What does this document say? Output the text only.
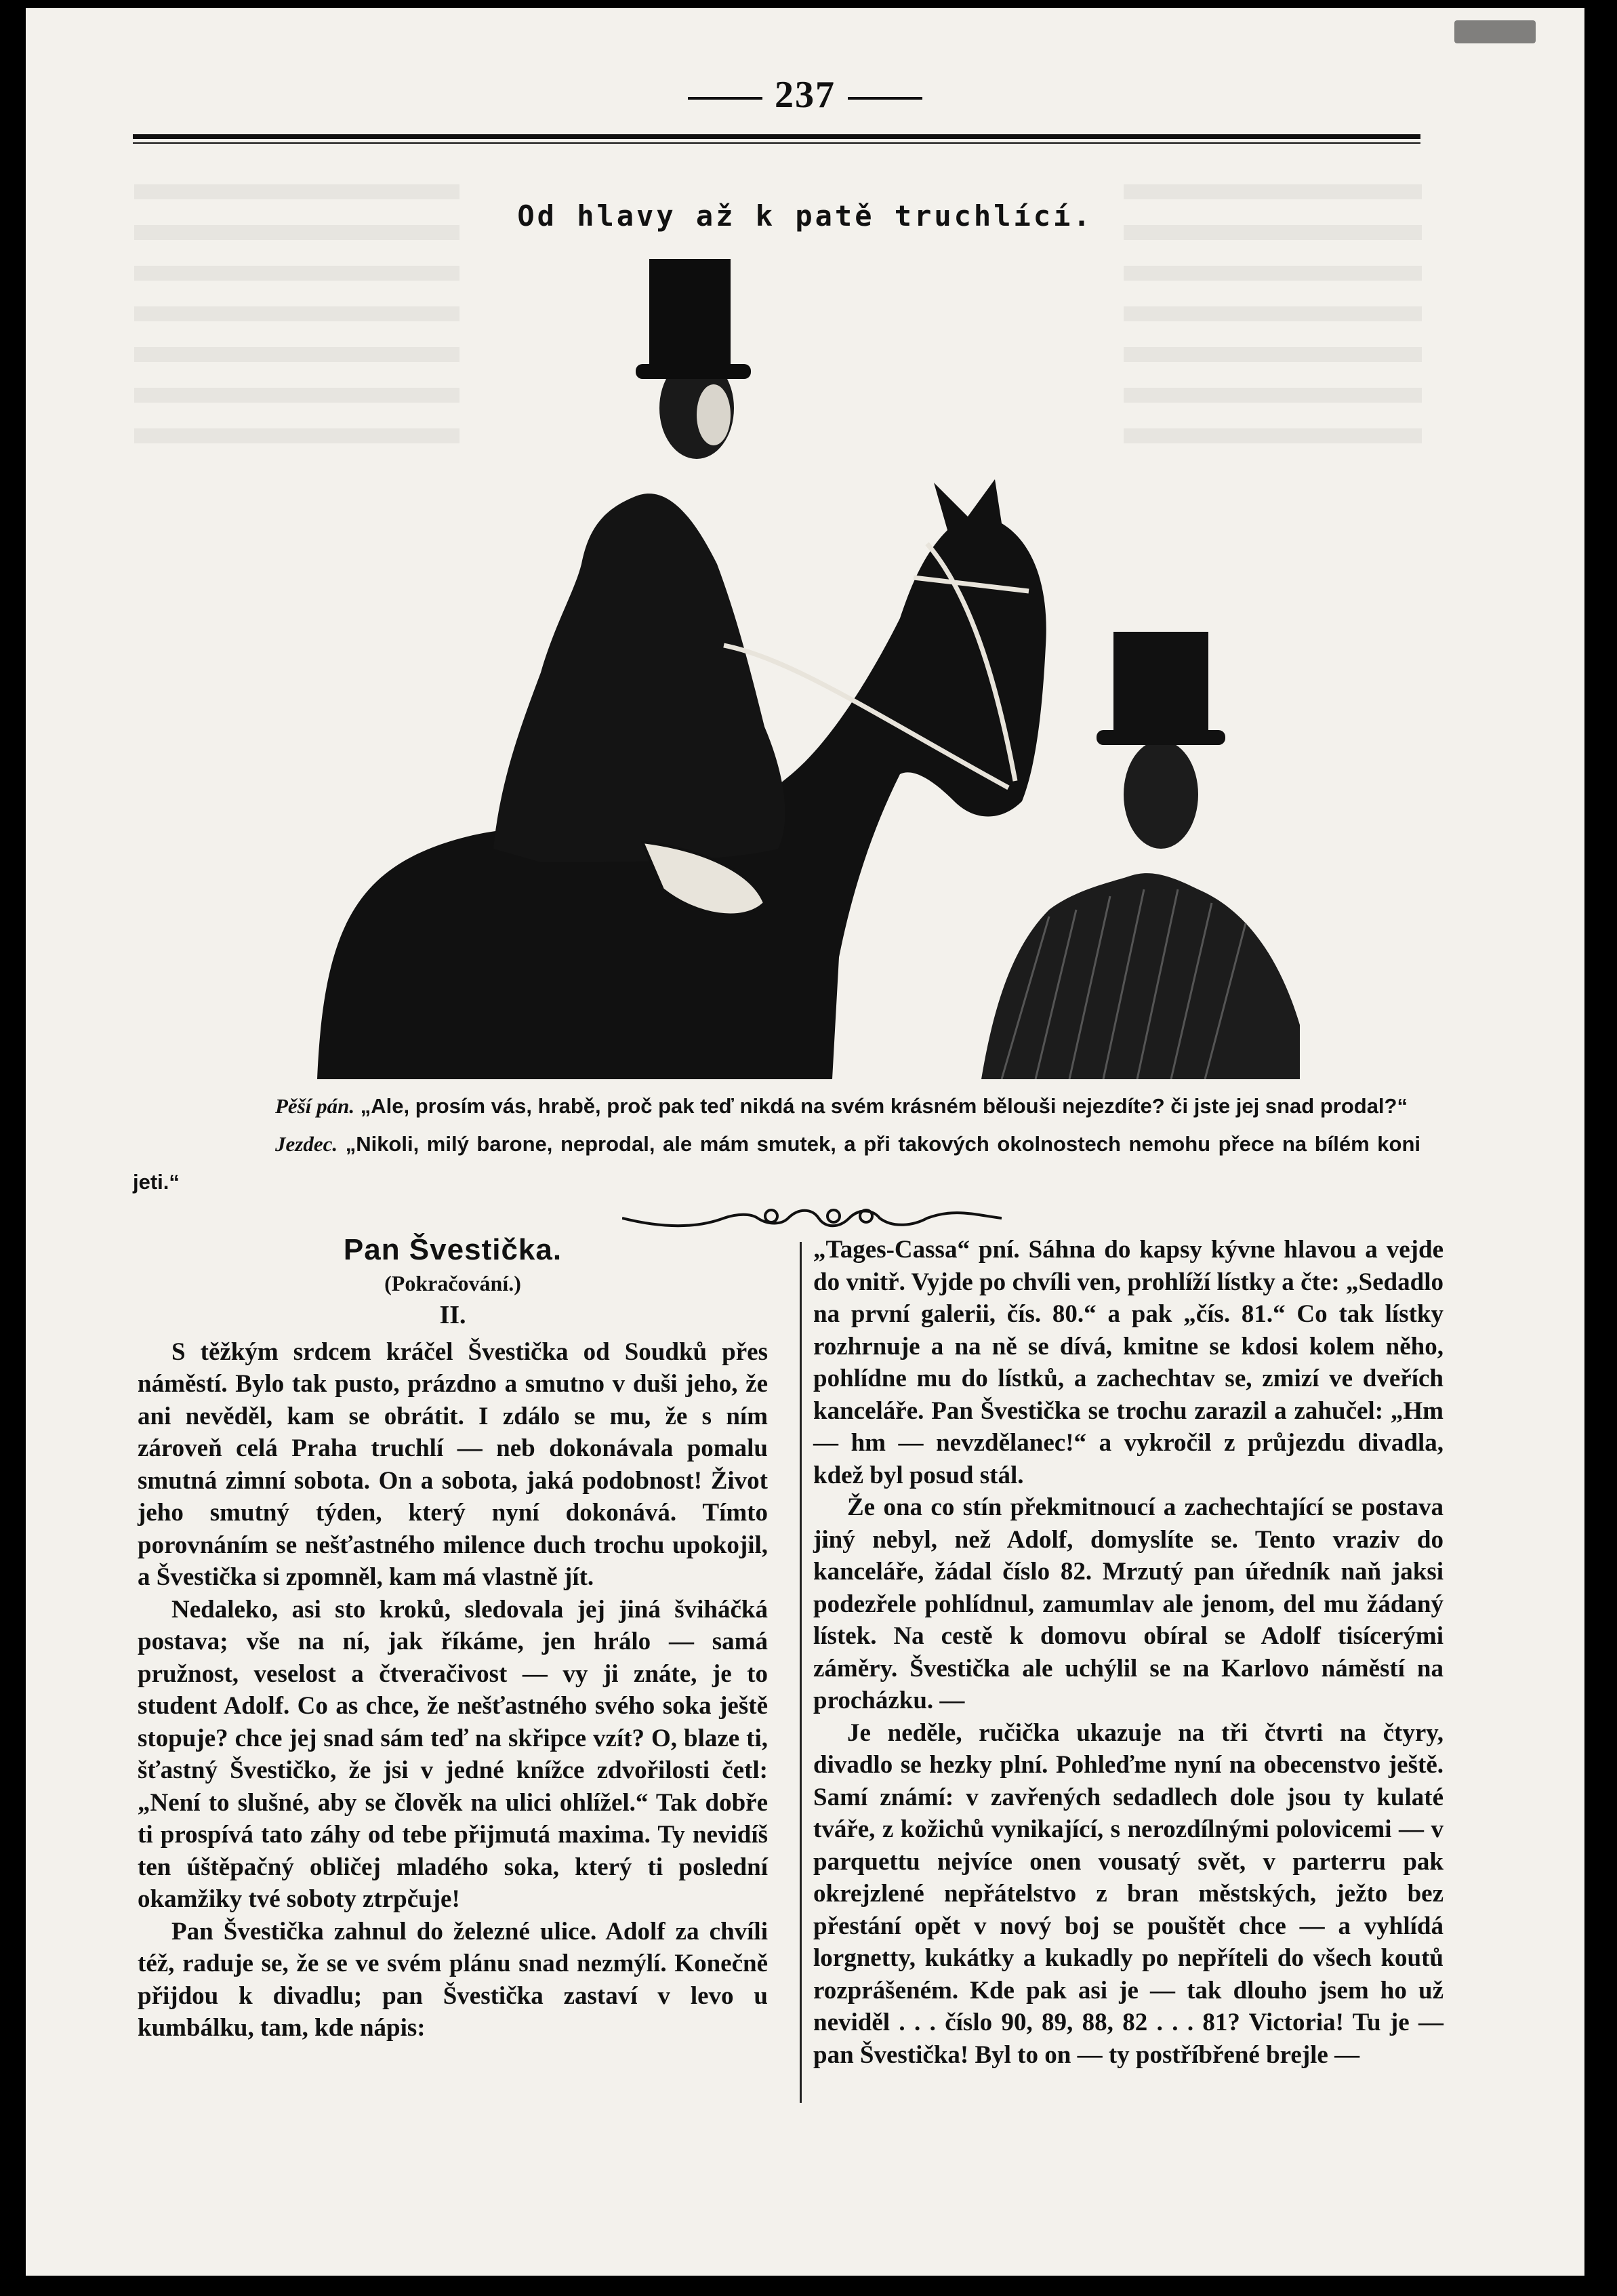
237
Od hlavy až k patě truchlící.

Pěší pán. „Ale, prosím vás, hrabě, proč pak teď nikdá na svém krásném bělouši nejezdíte? či jste jej snad prodal?“

Jezdec. „Nikoli, milý barone, neprodal, ale mám smutek, a při takových okolnostech nemohu přece na bílém koni jeti.“

Pan Švestička.
(Pokračování.)
II.

S těžkým srdcem kráčel Švestička od Soudků přes náměstí. Bylo tak pusto, prázdno a smutno v duši jeho, že ani nevěděl, kam se obrátit. I zdálo se mu, že s ním zároveň celá Praha truchlí — neb dokonávala pomalu smutná zimní sobota. On a sobota, jaká podobnost! Život jeho smutný týden, který nyní dokonává. Tímto porovnáním se nešťastného milence duch trochu upokojil, a Švestička si zpomněl, kam má vlastně jít.

Nedaleko, asi sto kroků, sledovala jej jiná šviháčká postava; vše na ní, jak říkáme, jen hrálo — samá pružnost, veselost a čtveračivost — vy ji znáte, je to student Adolf. Co as chce, že nešťastného svého soka ještě stopuje? chce jej snad sám teď na skřipce vzít? O, blaze ti, šťastný Švestičko, že jsi v jedné knížce zdvořilosti četl: „Není to slušné, aby se člověk na ulici ohlížel.“ Tak dobře ti prospívá tato záhy od tebe přijmutá maxima. Ty nevidíš ten úštěpačný obličej mladého soka, který ti poslední okamžiky tvé soboty ztrpčuje!

Pan Švestička zahnul do železné ulice. Adolf za chvíli též, raduje se, že se ve svém plánu snad nezmýlí. Konečně přijdou k divadlu; pan Švestička zastaví v levo u kumbálku, tam, kde nápis:

„Tages-Cassa“ pní. Sáhna do kapsy kývne hlavou a vejde do vnitř. Vyjde po chvíli ven, prohlíží lístky a čte: „Sedadlo na první galerii, čís. 80.“ a pak „čís. 81.“ Co tak lístky rozhrnuje a na ně se dívá, kmitne se kdosi kolem něho, pohlídne mu do lístků, a zachechtav se, zmizí ve dveřích kanceláře. Pan Švestička se trochu zarazil a zahučel: „Hm — hm — nevzdělanec!“ a vykročil z průjezdu divadla, kdež byl posud stál.

Že ona co stín překmitnoucí a zachechtající se postava jiný nebyl, než Adolf, domyslíte se. Tento vraziv do kanceláře, žádal číslo 82. Mrzutý pan úředník naň jaksi podezřele pohlídnul, zamumlav ale jenom, del mu žádaný lístek. Na cestě k domovu obíral se Adolf tisícerými záměry. Švestička ale uchýlil se na Karlovo náměstí na procházku. —

Je neděle, ručička ukazuje na tři čtvrti na čtyry, divadlo se hezky plní. Pohleďme nyní na obecenstvo ještě. Samí známí: v zavřených sedadlech dole jsou ty kulaté tváře, z kožichů vynikající, s nerozdílnými polovicemi — v parquettu nejvíce onen vousatý svět, v parterru pak okrejzlené nepřátelstvo z bran městských, ježto bez přestání opět v nový boj se pouštět chce — a vyhlídá lorgnetty, kukátky a kukadly po nepříteli do všech koutů rozprášeném. Kde pak asi je — tak dlouho jsem ho už neviděl . . . číslo 90, 89, 88, 82 . . . 81? Victoria! Tu je — pan Švestička! Byl to on — ty postříbřené brejle —
